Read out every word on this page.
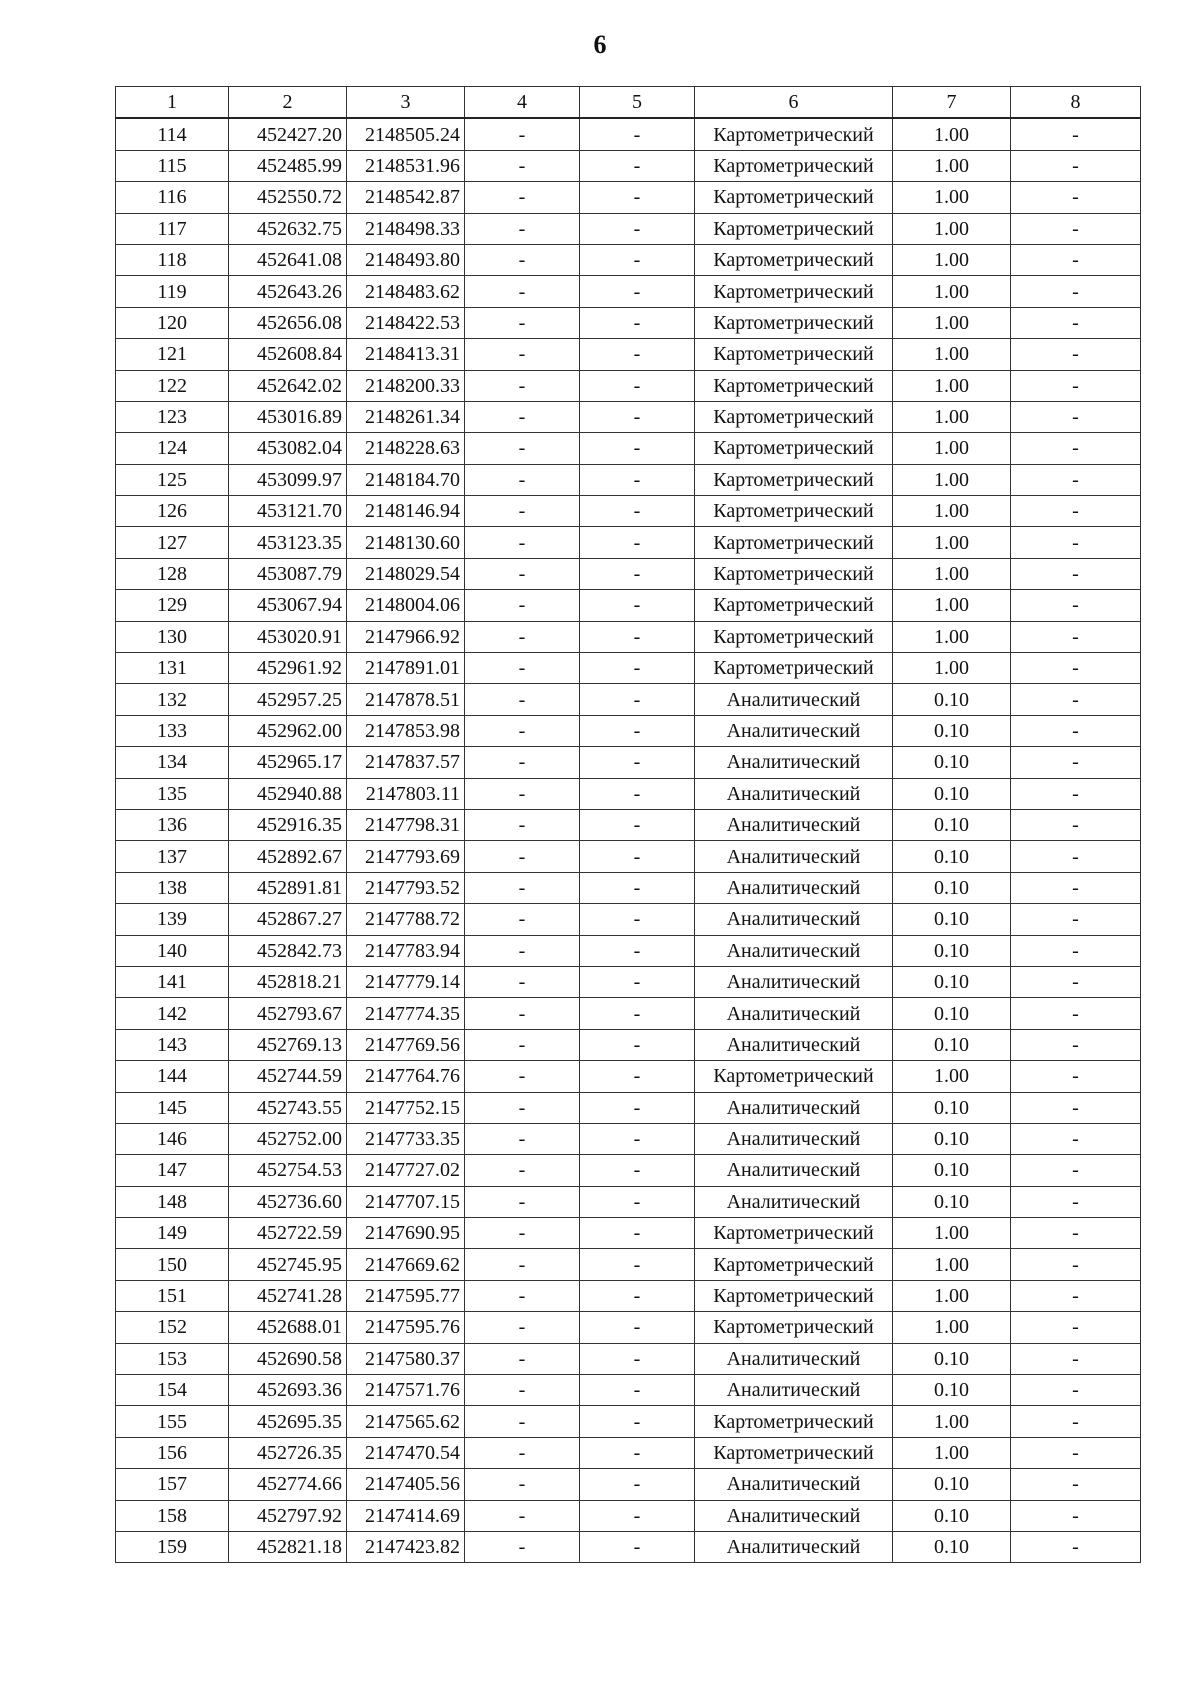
6
1	2	3	4	5	6	7	8
114	452427.20	2148505.24	-	-	Картометрический	1.00	-
115	452485.99	2148531.96	-	-	Картометрический	1.00	-
116	452550.72	2148542.87	-	-	Картометрический	1.00	-
117	452632.75	2148498.33	-	-	Картометрический	1.00	-
118	452641.08	2148493.80	-	-	Картометрический	1.00	-
119	452643.26	2148483.62	-	-	Картометрический	1.00	-
120	452656.08	2148422.53	-	-	Картометрический	1.00	-
121	452608.84	2148413.31	-	-	Картометрический	1.00	-
122	452642.02	2148200.33	-	-	Картометрический	1.00	-
123	453016.89	2148261.34	-	-	Картометрический	1.00	-
124	453082.04	2148228.63	-	-	Картометрический	1.00	-
125	453099.97	2148184.70	-	-	Картометрический	1.00	-
126	453121.70	2148146.94	-	-	Картометрический	1.00	-
127	453123.35	2148130.60	-	-	Картометрический	1.00	-
128	453087.79	2148029.54	-	-	Картометрический	1.00	-
129	453067.94	2148004.06	-	-	Картометрический	1.00	-
130	453020.91	2147966.92	-	-	Картометрический	1.00	-
131	452961.92	2147891.01	-	-	Картометрический	1.00	-
132	452957.25	2147878.51	-	-	Аналитический	0.10	-
133	452962.00	2147853.98	-	-	Аналитический	0.10	-
134	452965.17	2147837.57	-	-	Аналитический	0.10	-
135	452940.88	2147803.11	-	-	Аналитический	0.10	-
136	452916.35	2147798.31	-	-	Аналитический	0.10	-
137	452892.67	2147793.69	-	-	Аналитический	0.10	-
138	452891.81	2147793.52	-	-	Аналитический	0.10	-
139	452867.27	2147788.72	-	-	Аналитический	0.10	-
140	452842.73	2147783.94	-	-	Аналитический	0.10	-
141	452818.21	2147779.14	-	-	Аналитический	0.10	-
142	452793.67	2147774.35	-	-	Аналитический	0.10	-
143	452769.13	2147769.56	-	-	Аналитический	0.10	-
144	452744.59	2147764.76	-	-	Картометрический	1.00	-
145	452743.55	2147752.15	-	-	Аналитический	0.10	-
146	452752.00	2147733.35	-	-	Аналитический	0.10	-
147	452754.53	2147727.02	-	-	Аналитический	0.10	-
148	452736.60	2147707.15	-	-	Аналитический	0.10	-
149	452722.59	2147690.95	-	-	Картометрический	1.00	-
150	452745.95	2147669.62	-	-	Картометрический	1.00	-
151	452741.28	2147595.77	-	-	Картометрический	1.00	-
152	452688.01	2147595.76	-	-	Картометрический	1.00	-
153	452690.58	2147580.37	-	-	Аналитический	0.10	-
154	452693.36	2147571.76	-	-	Аналитический	0.10	-
155	452695.35	2147565.62	-	-	Картометрический	1.00	-
156	452726.35	2147470.54	-	-	Картометрический	1.00	-
157	452774.66	2147405.56	-	-	Аналитический	0.10	-
158	452797.92	2147414.69	-	-	Аналитический	0.10	-
159	452821.18	2147423.82	-	-	Аналитический	0.10	-
